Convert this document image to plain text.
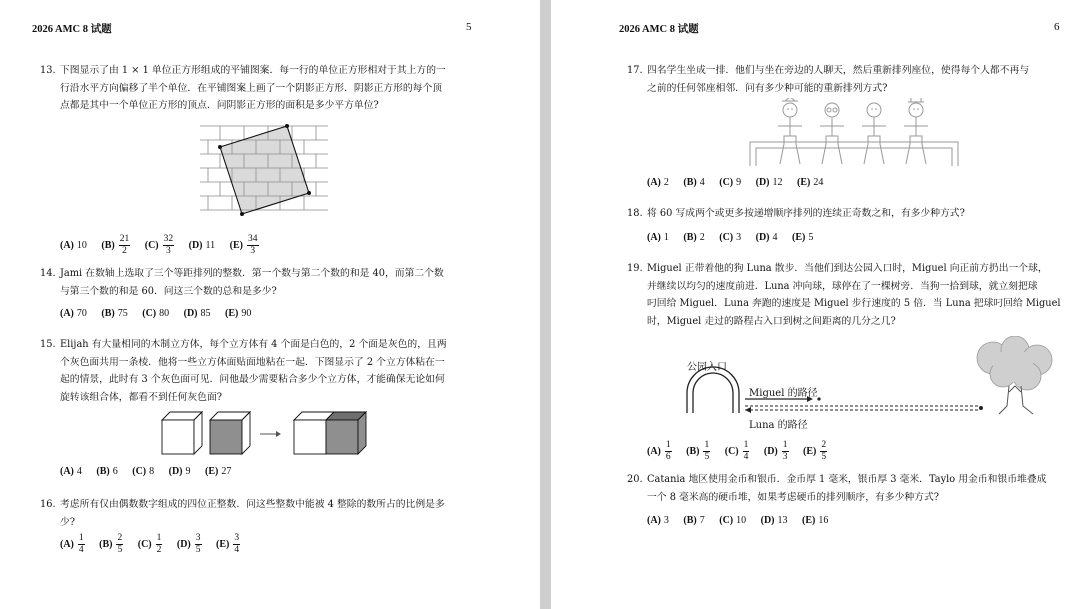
2026 AMC 8 试题	5
13. 下图显示了由 1 × 1 单位正方形组成的平铺图案．每一行的单位正方形相对于其上方的一
行沿水平方向偏移了半个单位．在平铺图案上画了一个阴影正方形．阴影正方形的每个顶
点都是其中一个单位正方形的顶点．问阴影正方形的面积是多少平方单位?
(A) 10 $(B) \frac{21}{2} (C) \frac{32}{3} (D)$ 11 $(E) \frac{34}{3}$
14. Jami 在数轴上选取了三个等距排列的整数．第一个数与第二个数的和是 40，而第二个数
与第三个数的和是 60．问这三个数的总和是多少?
(A) 70 (B) 75 (C) 80 (D) 85 (E) 90
15. Elijah 有大量相同的木制立方体，每个立方体有 4 个面是白色的，2 个面是灰色的，且两
个灰色面共用一条棱．他将一些立方体面贴面地粘在一起．下图显示了 2 个立方体粘在一
起的情景，此时有 3 个灰色面可见．问他最少需要粘合多少个立方体，才能确保无论如何
旋转该组合体，都看不到任何灰色面?
(A) 4 (B) 6 (C) 8 (D) 9 (E) 27
16. 考虑所有仅由偶数数字组成的四位正整数．问这些整数中能被 4 整除的数所占的比例是多
少?
$(A) \frac{1}{4} (B) \frac{2}{5} (C) \frac{1}{2} (D) \frac{3}{5} (E) \frac{3}{4}$
2026 AMC 8 试题	6
17. 四名学生坐成一排．他们与坐在旁边的人聊天，然后重新排列座位，使得每个人都不再与
之前的任何邻座相邻．问有多少种可能的重新排列方式?
(A) 2 (B) 4 (C) 9 (D) 12 (E) 24
18. 将 60 写成两个或更多按递增顺序排列的连续正奇数之和，有多少种方式?
(A) 1 (B) 2 (C) 3 (D) 4 (E) 5
19. Miguel 正带着他的狗 Luna 散步．当他们到达公园入口时，Miguel 向正前方扔出一个球，
并继续以均匀的速度前进．Luna 冲向球，球停在了一棵树旁．当狗一拾到球，就立刻把球
叼回给 Miguel．Luna 奔跑的速度是 Miguel 步行速度的 5 倍．当 Luna 把球叼回给 Miguel
时，Miguel 走过的路程占入口到树之间距离的几分之几?
公园入口
Miguel 的路径
Luna 的路径
$(A) \frac{1}{6} (B) \frac{1}{5} (C) \frac{1}{4} (D) \frac{1}{3} (E) \frac{2}{5}$
20. Catania 地区使用金币和银币．金币厚 1 毫米，银币厚 3 毫米．Taylo 用金币和银币堆叠成
一个 8 毫米高的硬币堆，如果考虑硬币的排列顺序，有多少种方式?
(A) 3 (B) 7 (C) 10 (D) 13 (E) 16
